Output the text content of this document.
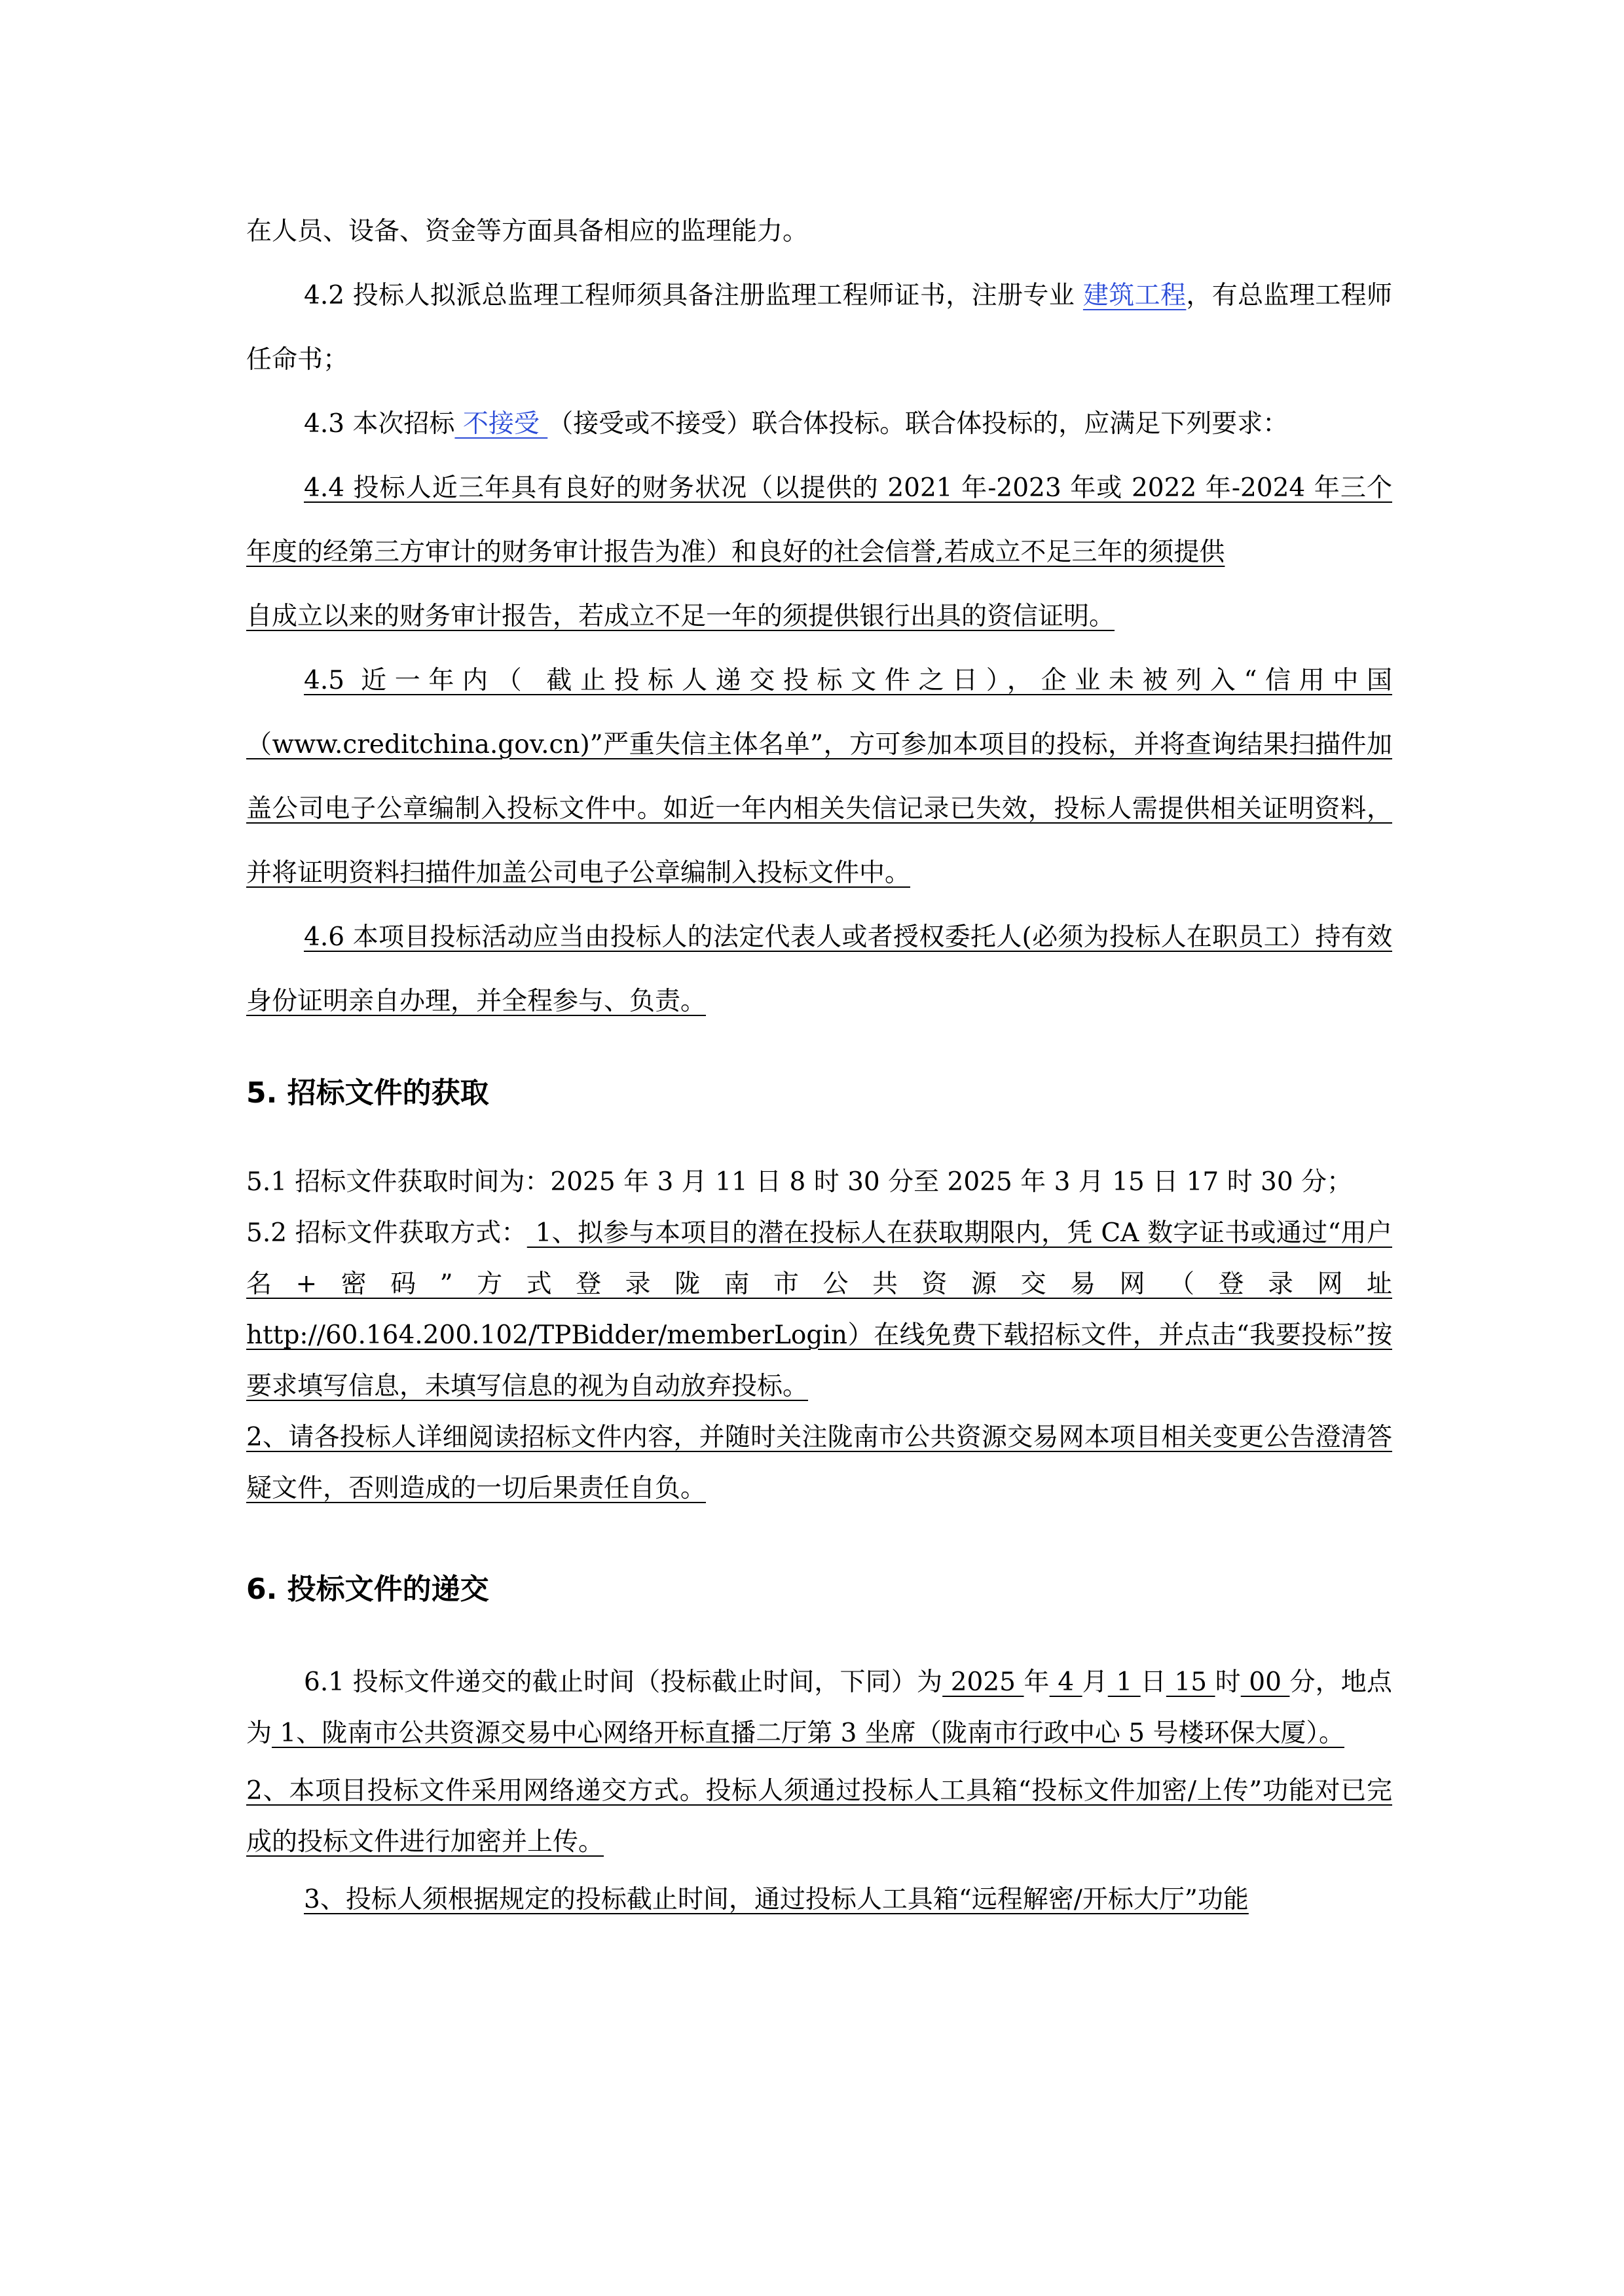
在人员、设备、资金等方面具备相应的监理能力。

4.2 投标人拟派总监理工程师须具备注册监理工程师证书，注册专业 建筑工程，有总监理工程师任命书；

4.3 本次招标 不接受 （接受或不接受）联合体投标。联合体投标的，应满足下列要求：

4.4 投标人近三年具有良好的财务状况（以提供的 2021 年-2023 年或 2022 年-2024 年三个年度的经第三方审计的财务审计报告为准）和良好的社会信誉,若成立不足三年的须提供

自成立以来的财务审计报告，若成立不足一年的须提供银行出具的资信证明。

4.5 近一年内（ 截止投标人递交投标文件之日），企业未被列入“信用中国（www.creditchina.gov.cn)”严重失信主体名单”，方可参加本项目的投标，并将查询结果扫描件加盖公司电子公章编制入投标文件中。如近一年内相关失信记录已失效，投标人需提供相关证明资料，并将证明资料扫描件加盖公司电子公章编制入投标文件中。

4.6 本项目投标活动应当由投标人的法定代表人或者授权委托人(必须为投标人在职员工）持有效身份证明亲自办理，并全程参与、负责。

5. 招标文件的获取

5.1 招标文件获取时间为：2025 年 3 月 11 日 8 时 30 分至 2025 年 3 月 15 日 17 时 30 分；

5.2 招标文件获取方式： 1、拟参与本项目的潜在投标人在获取期限内，凭 CA 数字证书或通过“用户名+密码”方式登录陇南市公共资源交易网（登录网址 http://60.164.200.102/TPBidder/memberLogin）在线免费下载招标文件，并点击“我要投标”按要求填写信息，未填写信息的视为自动放弃投标。

2、请各投标人详细阅读招标文件内容，并随时关注陇南市公共资源交易网本项目相关变更公告澄清答疑文件，否则造成的一切后果责任自负。

6. 投标文件的递交

6.1 投标文件递交的截止时间（投标截止时间，下同）为 2025 年 4 月 1 日 15 时 00 分，地点为 1、陇南市公共资源交易中心网络开标直播二厅第 3 坐席（陇南市行政中心 5 号楼环保大厦）。

2、本项目投标文件采用网络递交方式。投标人须通过投标人工具箱“投标文件加密/上传”功能对已完成的投标文件进行加密并上传。

3、投标人须根据规定的投标截止时间，通过投标人工具箱“远程解密/开标大厅”功能
